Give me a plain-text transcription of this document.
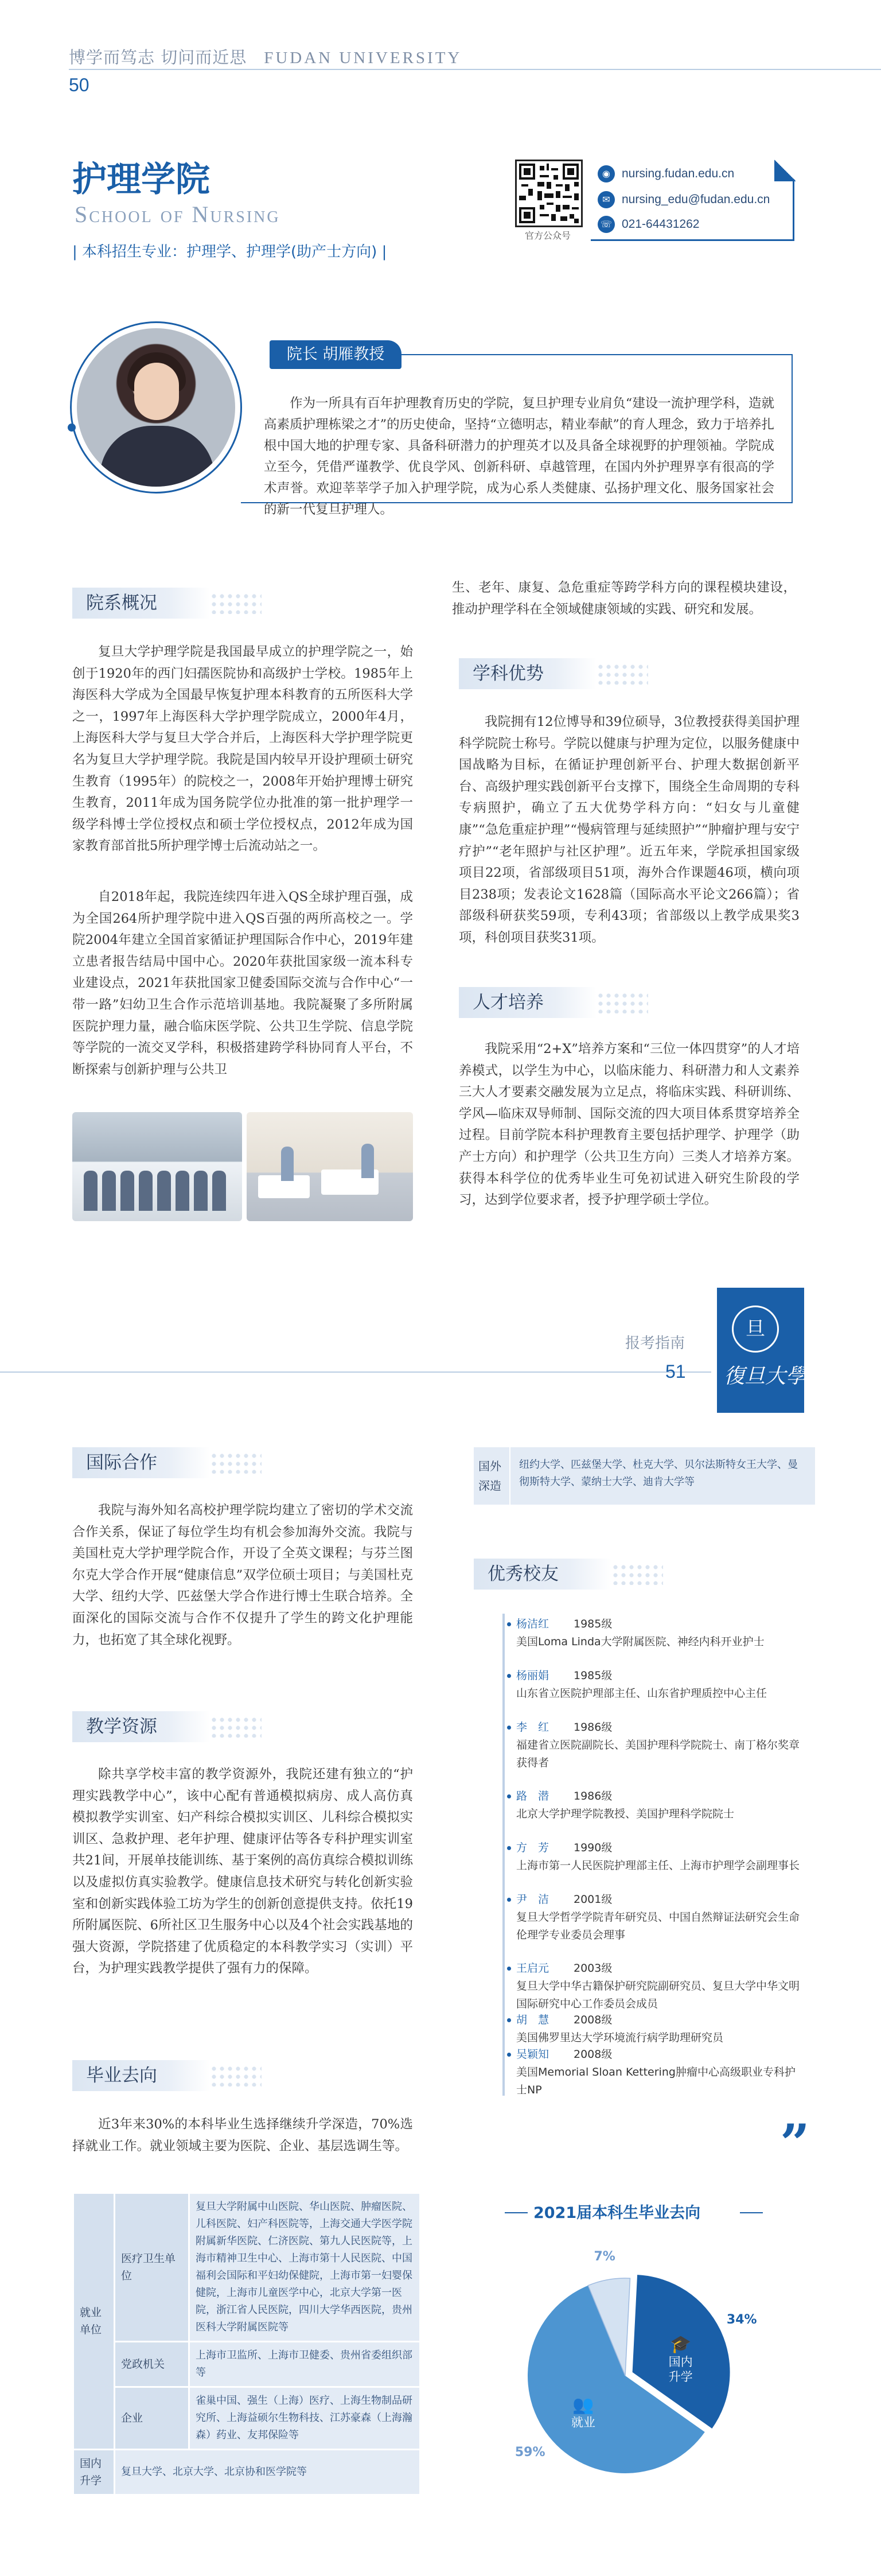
博学而笃志 切问而近思 FUDAN UNIVERSITY
50
护理学院
School of Nursing
| 本科招生专业：护理学、护理学(助产士方向) |
官方公众号
◉ nursing.fudan.edu.cn
✉ nursing_edu@fudan.edu.cn
☏ 021-64431262
院长 胡雁教授
作为一所具有百年护理教育历史的学院，复旦护理专业肩负“建设一流护理学科，造就高素质护理栋梁之才”的历史使命，坚持“立德明志，精业奉献”的育人理念，致力于培养扎根中国大地的护理专家、具备科研潜力的护理英才以及具备全球视野的护理领袖。学院成立至今，凭借严谨教学、优良学风、创新科研、卓越管理，在国内外护理界享有很高的学术声誉。欢迎莘莘学子加入护理学院，成为心系人类健康、弘扬护理文化、服务国家社会的新一代复旦护理人。
院系概况
复旦大学护理学院是我国最早成立的护理学院之一，始创于1920年的西门妇孺医院协和高级护士学校。1985年上海医科大学成为全国最早恢复护理本科教育的五所医科大学之一，1997年上海医科大学护理学院成立，2000年4月，上海医科大学与复旦大学合并后，上海医科大学护理学院更名为复旦大学护理学院。我院是国内较早开设护理硕士研究生教育（1995年）的院校之一，2008年开始护理博士研究生教育，2011年成为国务院学位办批准的第一批护理学一级学科博士学位授权点和硕士学位授权点，2012年成为国家教育部首批5所护理学博士后流动站之一。
自2018年起，我院连续四年进入QS全球护理百强，成为全国264所护理学院中进入QS百强的两所高校之一。学院2004年建立全国首家循证护理国际合作中心，2019年建立患者报告结局中国中心。2020年获批国家级一流本科专业建设点，2021年获批国家卫健委国际交流与合作中心“一带一路”妇幼卫生合作示范培训基地。我院凝聚了多所附属医院护理力量，融合临床医学院、公共卫生学院、信息学院等学院的一流交叉学科，积极搭建跨学科协同育人平台，不断探索与创新护理与公共卫
生、老年、康复、急危重症等跨学科方向的课程模块建设，推动护理学科在全领域健康领域的实践、研究和发展。
学科优势
我院拥有12位博导和39位硕导，3位教授获得美国护理科学院院士称号。学院以健康与护理为定位，以服务健康中国战略为目标，在循证护理创新平台、护理大数据创新平台、高级护理实践创新平台支撑下，围绕全生命周期的专科专病照护，确立了五大优势学科方向：“妇女与儿童健康”“急危重症护理”“慢病管理与延续照护”“肿瘤护理与安宁疗护”“老年照护与社区护理”。近五年来，学院承担国家级项目22项，省部级项目51项，海外合作课题46项，横向项目238项；发表论文1628篇（国际高水平论文266篇）；省部级科研获奖59项，专利43项；省部级以上教学成果奖3项，科创项目获奖31项。
人才培养
我院采用“2+X”培养方案和“三位一体四贯穿”的人才培养模式，以学生为中心，以临床能力、科研潜力和人文素养三大人才要素交融发展为立足点，将临床实践、科研训练、学风—临床双导师制、国际交流的四大项目体系贯穿培养全过程。目前学院本科护理教育主要包括护理学、护理学（助产士方向）和护理学（公共卫生方向）三类人才培养方案。获得本科学位的优秀毕业生可免初试进入研究生阶段的学习，达到学位要求者，授予护理学硕士学位。
报考指南
51
旦
復旦大學
国际合作
我院与海外知名高校护理学院均建立了密切的学术交流合作关系，保证了每位学生均有机会参加海外交流。我院与美国杜克大学护理学院合作，开设了全英文课程；与芬兰图尔克大学合作开展“健康信息”双学位硕士项目；与美国杜克大学、纽约大学、匹兹堡大学合作进行博士生联合培养。全面深化的国际交流与合作不仅提升了学生的跨文化护理能力，也拓宽了其全球化视野。
国外深造
纽约大学、匹兹堡大学、杜克大学、贝尔法斯特女王大学、曼彻斯特大学、蒙纳士大学、迪肯大学等
教学资源
除共享学校丰富的教学资源外，我院还建有独立的“护理实践教学中心”，该中心配有普通模拟病房、成人高仿真模拟教学实训室、妇产科综合模拟实训区、儿科综合模拟实训区、急救护理、老年护理、健康评估等各专科护理实训室共21间，开展单技能训练、基于案例的高仿真综合模拟训练以及虚拟仿真实验教学。健康信息技术研究与转化创新实验室和创新实践体验工坊为学生的创新创意提供支持。依托19所附属医院、6所社区卫生服务中心以及4个社会实践基地的强大资源，学院搭建了优质稳定的本科教学实习（实训）平台，为护理实践教学提供了强有力的保障。
毕业去向
近3年来30%的本科毕业生选择继续升学深造，70%选择就业工作。就业领域主要为医院、企业、基层选调生等。
就业单位	医疗卫生单位	复旦大学附属中山医院、华山医院、肿瘤医院、儿科医院、妇产科医院等，上海交通大学医学院附属新华医院、仁济医院、第九人民医院等，上海市精神卫生中心、上海市第十人民医院、中国福利会国际和平妇幼保健院，上海市第一妇婴保健院，上海市儿童医学中心，北京大学第一医院，浙江省人民医院，四川大学华西医院，贵州医科大学附属医院等
	党政机关	上海市卫监所、上海市卫健委、贵州省委组织部等
	企业	雀巢中国、强生（上海）医疗、上海生物制品研究所、上海益硕尔生物科技、江苏豪森（上海瀚森）药业、友邦保险等
国内升学	复旦大学、北京大学、北京协和医学院等	
优秀校友
杨洁红 1985级
美国Loma Linda大学附属医院、神经内科开业护士
杨丽娟 1985级
山东省立医院护理部主任、山东省护理质控中心主任
李　红 1986级
福建省立医院副院长、美国护理科学院院士、南丁格尔奖章获得者
路　潜 1986级
北京大学护理学院教授、美国护理科学院院士
方　芳 1990级
上海市第一人民医院护理部主任、上海市护理学会副理事长
尹　洁 2001级
复旦大学哲学学院青年研究员、中国自然辩证法研究会生命伦理学专业委员会理事
王启元 2003级
复旦大学中华古籍保护研究院副研究员、复旦大学中华文明国际研究中心工作委员会成员
胡　慧 2008级
美国佛罗里达大学环境流行病学助理研究员
吴颖知 2008级
美国Memorial Sloan Kettering肿瘤中心高级职业专科护士NP
”
2021届本科生毕业去向
59%
就业
👥
7%
34%
国内
升学
🎓
